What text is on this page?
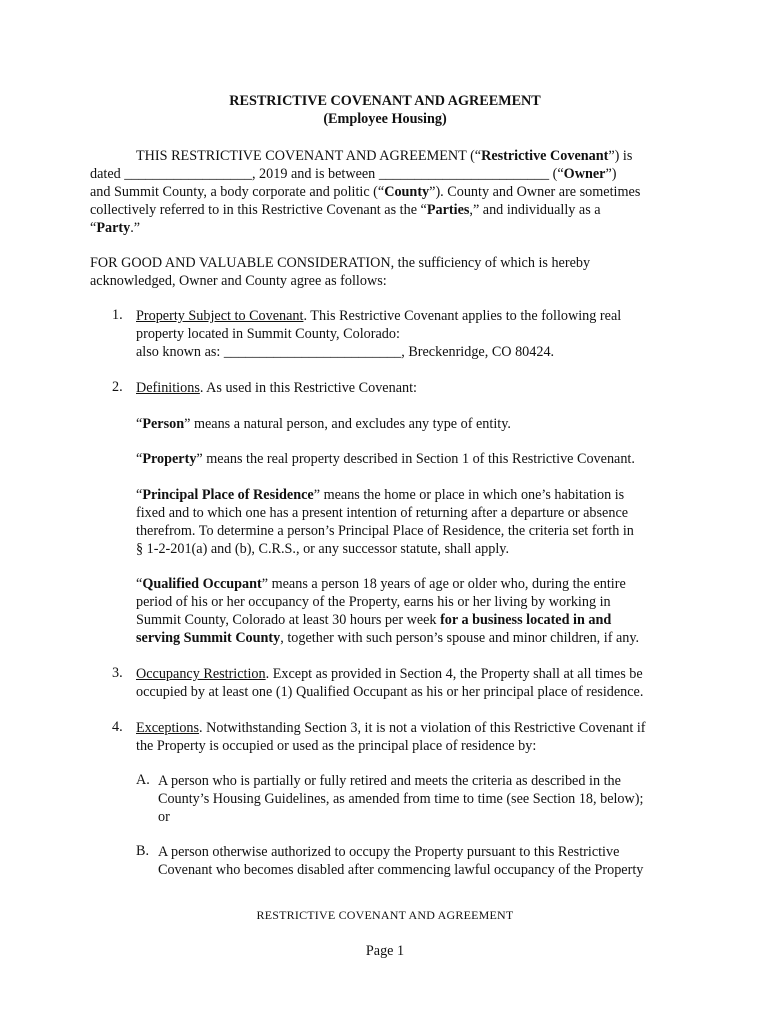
RESTRICTIVE COVENANT AND AGREEMENT
(Employee Housing)
THIS RESTRICTIVE COVENANT AND AGREEMENT (“Restrictive Covenant”) is
dated __________________, 2019 and is between ________________________ (“Owner”)
and Summit County, a body corporate and politic (“County”). County and Owner are sometimes
collectively referred to in this Restrictive Covenant as the “Parties,” and individually as a
“Party.”
FOR GOOD AND VALUABLE CONSIDERATION, the sufficiency of which is hereby
acknowledged, Owner and County agree as follows:
1. Property Subject to Covenant. This Restrictive Covenant applies to the following real
property located in Summit County, Colorado:
also known as: _________________________, Breckenridge, CO 80424.
2. Definitions. As used in this Restrictive Covenant:
“Person” means a natural person, and excludes any type of entity.
“Property” means the real property described in Section 1 of this Restrictive Covenant.
“Principal Place of Residence” means the home or place in which one’s habitation is
fixed and to which one has a present intention of returning after a departure or absence
therefrom. To determine a person’s Principal Place of Residence, the criteria set forth in
§ 1-2-201(a) and (b), C.R.S., or any successor statute, shall apply.
“Qualified Occupant” means a person 18 years of age or older who, during the entire
period of his or her occupancy of the Property, earns his or her living by working in
Summit County, Colorado at least 30 hours per week for a business located in and
serving Summit County, together with such person’s spouse and minor children, if any.
3. Occupancy Restriction. Except as provided in Section 4, the Property shall at all times be
occupied by at least one (1) Qualified Occupant as his or her principal place of residence.
4. Exceptions. Notwithstanding Section 3, it is not a violation of this Restrictive Covenant if
the Property is occupied or used as the principal place of residence by:
A. A person who is partially or fully retired and meets the criteria as described in the
County’s Housing Guidelines, as amended from time to time (see Section 18, below);
or
B. A person otherwise authorized to occupy the Property pursuant to this Restrictive
Covenant who becomes disabled after commencing lawful occupancy of the Property
RESTRICTIVE COVENANT AND AGREEMENT
Page 1
